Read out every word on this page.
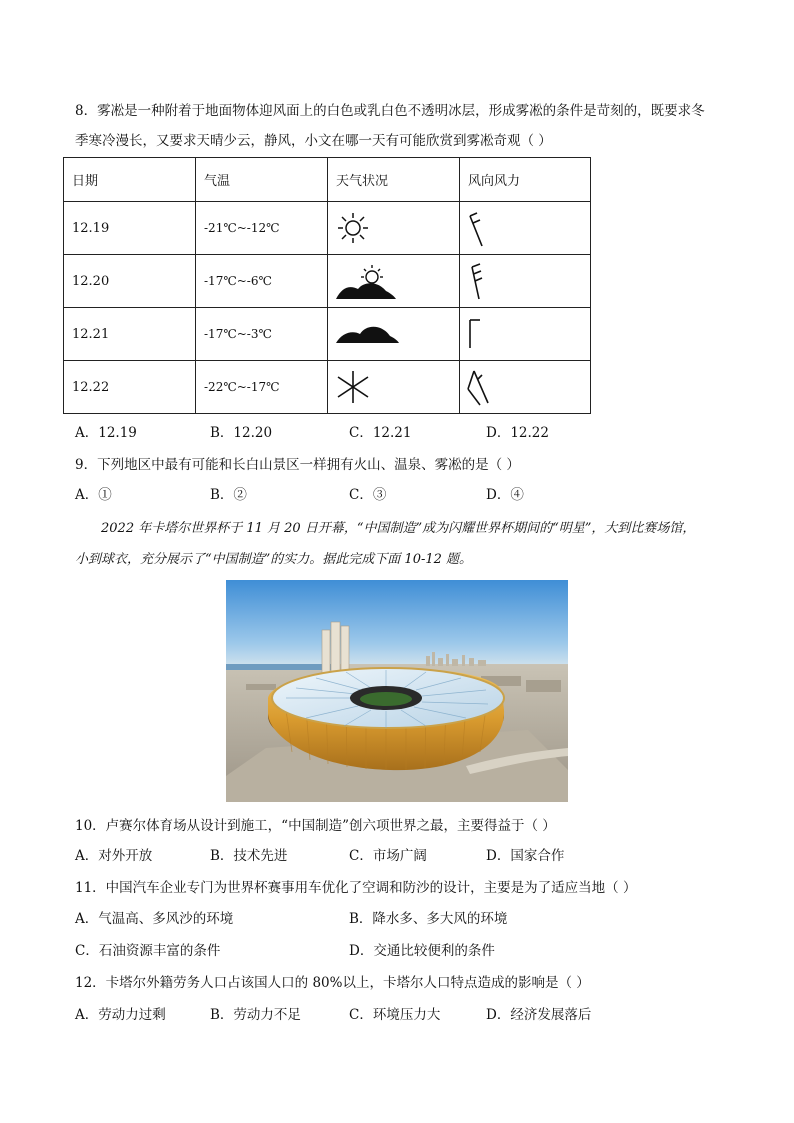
8．雾凇是一种附着于地面物体迎风面上的白色或乳白色不透明冰层，形成雾凇的条件是苛刻的，既要求冬
季寒冷漫长，又要求天晴少云，静风，小文在哪一天有可能欣赏到雾凇奇观（ ）
日期	气温	天气状况	风向风力
12.19	-21℃~-12℃	

12.20	-17℃~-6℃	

12.21	-17℃~-3℃	

12.22	-22℃~-17℃	

A．12.19	B．12.20	C．12.21	D．12.22
9．下列地区中最有可能和长白山景区一样拥有火山、温泉、雾凇的是（ ）
A．①	B．②	C．③	D．④
2022 年卡塔尔世界杯于 11 月 20 日开幕，“中国制造”成为闪耀世界杯期间的“明星”，大到比赛场馆，
小到球衣，充分展示了“中国制造”的实力。据此完成下面 10-12 题。
10．卢赛尔体育场从设计到施工，“中国制造”创六项世界之最，主要得益于（ ）
A．对外开放	B．技术先进	C．市场广阔	D．国家合作
11．中国汽车企业专门为世界杯赛事用车优化了空调和防沙的设计，主要是为了适应当地（ ）
A．气温高、多风沙的环境	B．降水多、多大风的环境
C．石油资源丰富的条件	D．交通比较便利的条件
12．卡塔尔外籍劳务人口占该国人口的 80%以上，卡塔尔人口特点造成的影响是（ ）
A．劳动力过剩	B．劳动力不足	C．环境压力大	D．经济发展落后
